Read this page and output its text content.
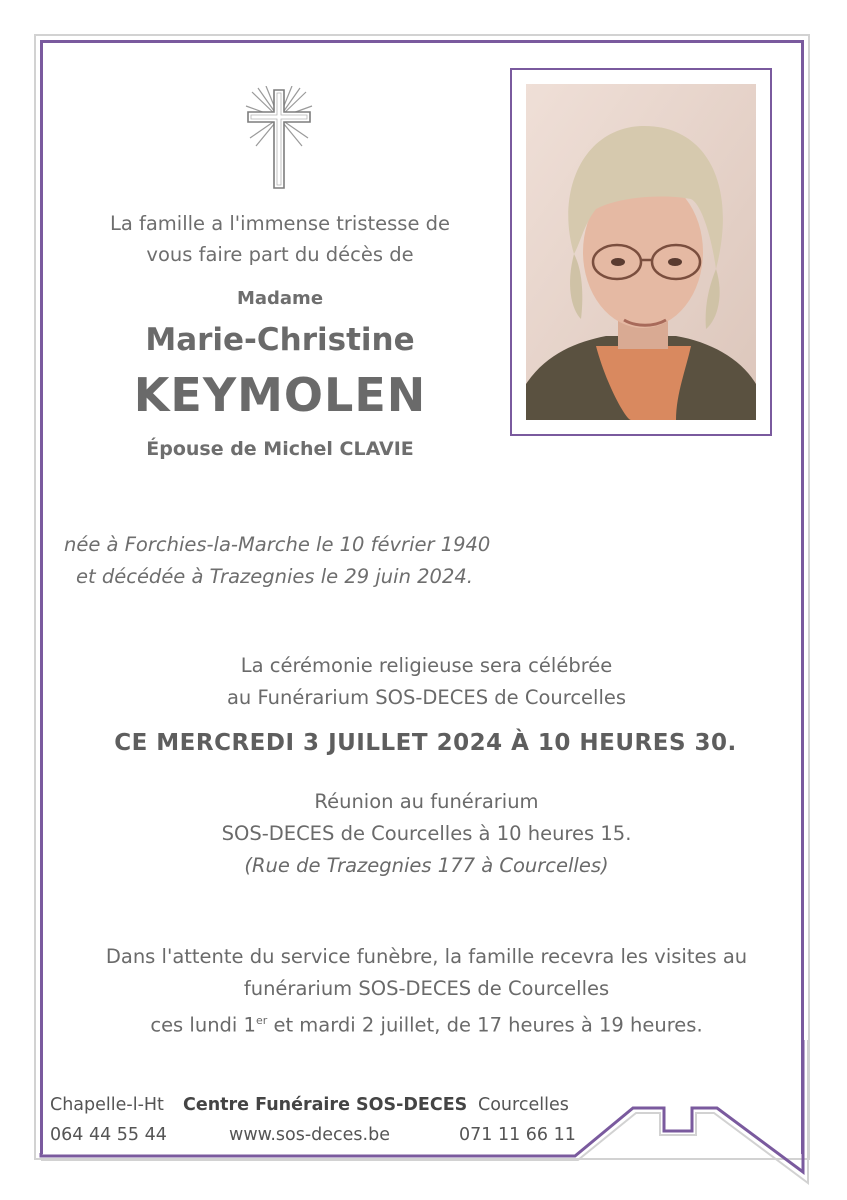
La famille a l'immense tristesse de
vous faire part du décès de
Madame
Marie-Christine
KEYMOLEN
Épouse de Michel CLAVIE
née à Forchies-la-Marche le 10 février 1940
et décédée à Trazegnies le 29 juin 2024.
La cérémonie religieuse sera célébrée
au Funérarium SOS-DECES de Courcelles
CE MERCREDI 3 JUILLET 2024 À 10 HEURES 30.
Réunion au funérarium
SOS-DECES de Courcelles à 10 heures 15.
(Rue de Trazegnies 177 à Courcelles)
Dans l'attente du service funèbre, la famille recevra les visites au
funérarium SOS-DECES de Courcelles
ces lundi 1er et mardi 2 juillet, de 17 heures à 19 heures.
Chapelle-l-Ht
064 44 55 44
Centre Funéraire SOS-DECES
www.sos-deces.be
Courcelles
071 11 66 11
